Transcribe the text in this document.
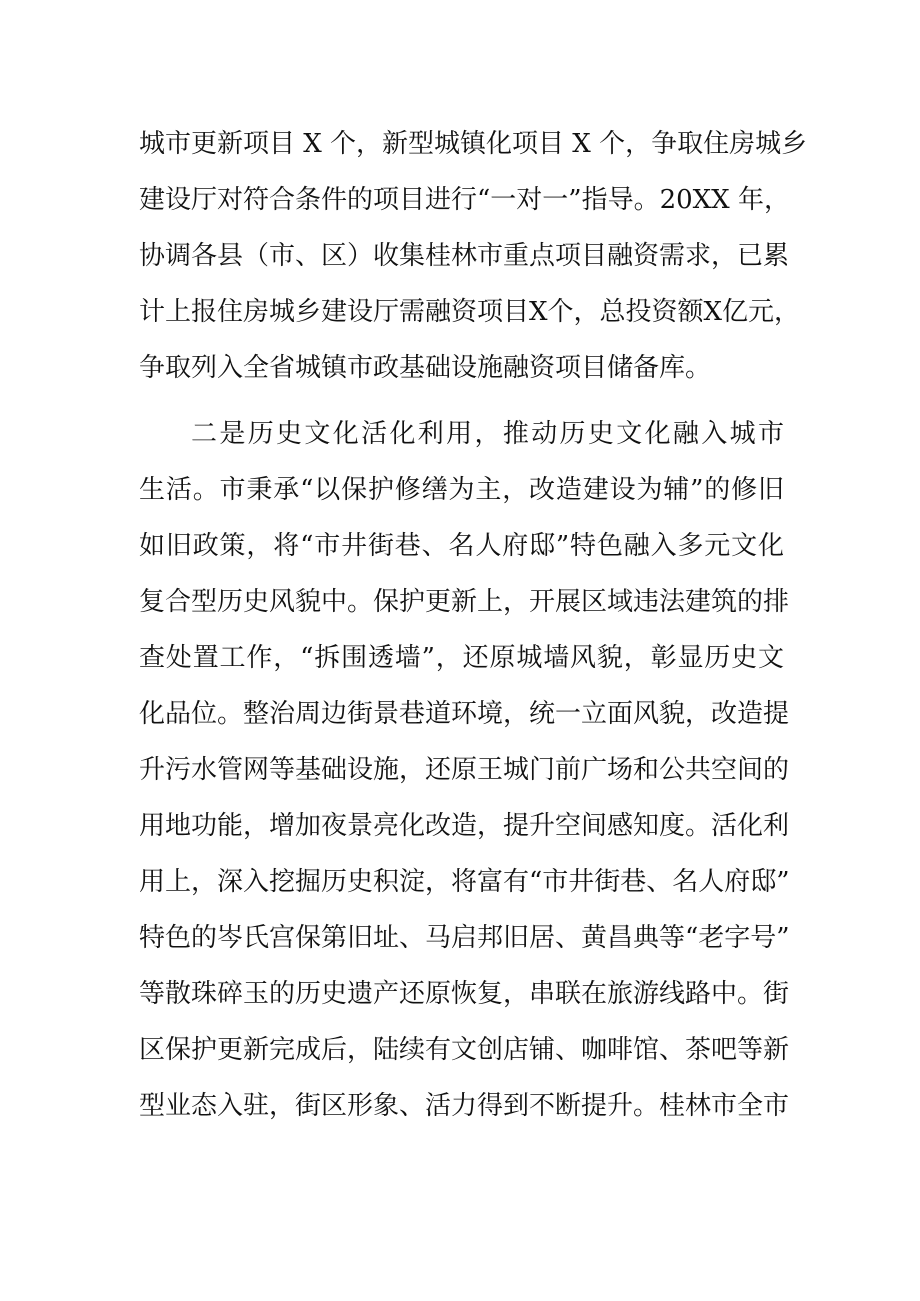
城市更新项目 X 个，新型城镇化项目 X 个，争取住房城乡
建设厅对符合条件的项目进行“一对一”指导。20XX 年，
协调各县（市、区）收集桂林市重点项目融资需求，已累
计上报住房城乡建设厅需融资项目X个，总投资额X亿元，
争取列入全省城镇市政基础设施融资项目储备库。
二是历史文化活化利用，推动历史文化融入城市
生活。市秉承“以保护修缮为主，改造建设为辅”的修旧
如旧政策，将“市井街巷、名人府邸”特色融入多元文化
复合型历史风貌中。保护更新上，开展区域违法建筑的排
查处置工作，“拆围透墙”，还原城墙风貌，彰显历史文
化品位。整治周边街景巷道环境，统一立面风貌，改造提
升污水管网等基础设施，还原王城门前广场和公共空间的
用地功能，增加夜景亮化改造，提升空间感知度。活化利
用上，深入挖掘历史积淀，将富有“市井街巷、名人府邸”
特色的岑氏宫保第旧址、马启邦旧居、黄昌典等“老字号”
等散珠碎玉的历史遗产还原恢复，串联在旅游线路中。街
区保护更新完成后，陆续有文创店铺、咖啡馆、茶吧等新
型业态入驻，街区形象、活力得到不断提升。桂林市全市
